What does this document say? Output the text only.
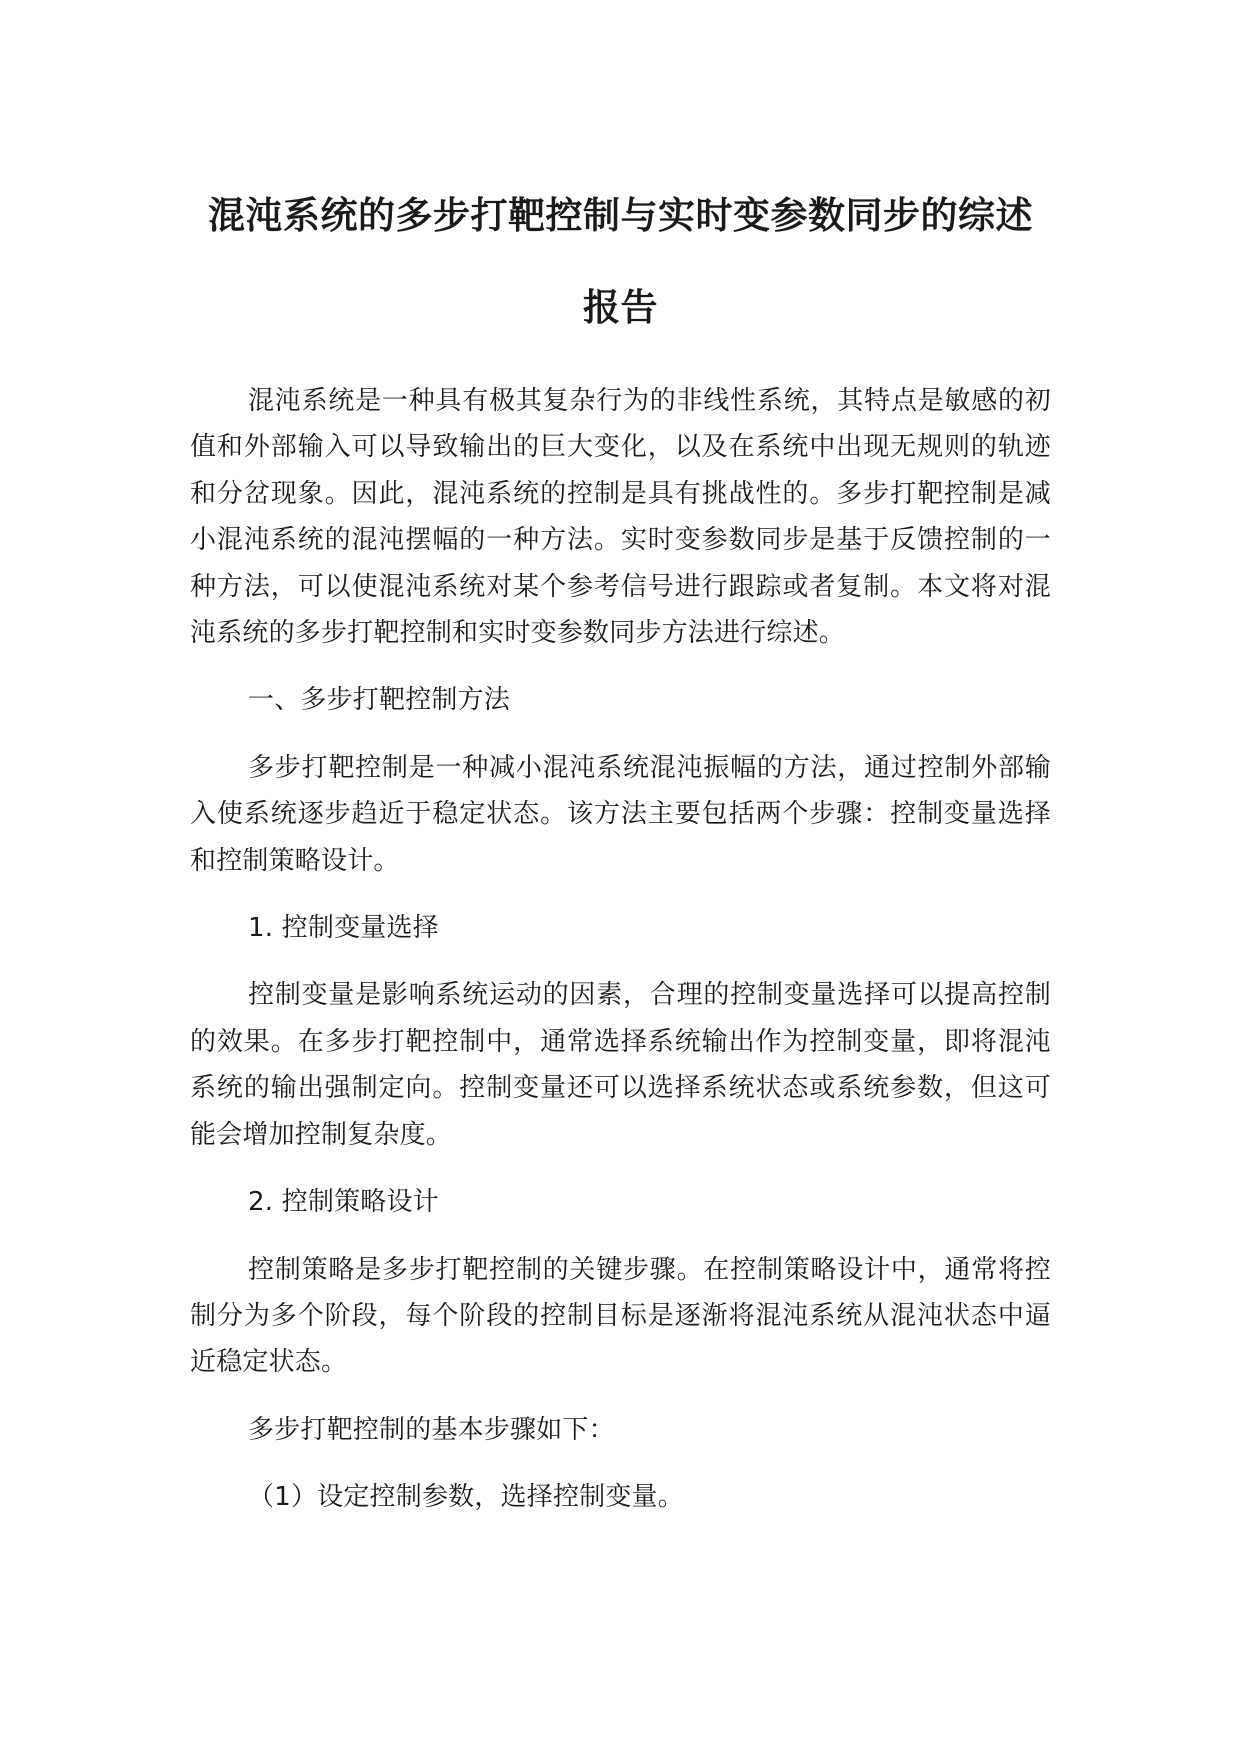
混沌系统的多步打靶控制与实时变参数同步的综述报告

混沌系统是一种具有极其复杂行为的非线性系统，其特点是敏感的初值和外部输入可以导致输出的巨大变化，以及在系统中出现无规则的轨迹和分岔现象。因此，混沌系统的控制是具有挑战性的。多步打靶控制是减小混沌系统的混沌摆幅的一种方法。实时变参数同步是基于反馈控制的一种方法，可以使混沌系统对某个参考信号进行跟踪或者复制。本文将对混沌系统的多步打靶控制和实时变参数同步方法进行综述。

一、多步打靶控制方法

多步打靶控制是一种减小混沌系统混沌振幅的方法，通过控制外部输入使系统逐步趋近于稳定状态。该方法主要包括两个步骤：控制变量选择和控制策略设计。

1. 控制变量选择

控制变量是影响系统运动的因素，合理的控制变量选择可以提高控制的效果。在多步打靶控制中，通常选择系统输出作为控制变量，即将混沌系统的输出强制定向。控制变量还可以选择系统状态或系统参数，但这可能会增加控制复杂度。

2. 控制策略设计

控制策略是多步打靶控制的关键步骤。在控制策略设计中，通常将控制分为多个阶段，每个阶段的控制目标是逐渐将混沌系统从混沌状态中逼近稳定状态。

多步打靶控制的基本步骤如下：

（1）设定控制参数，选择控制变量。
